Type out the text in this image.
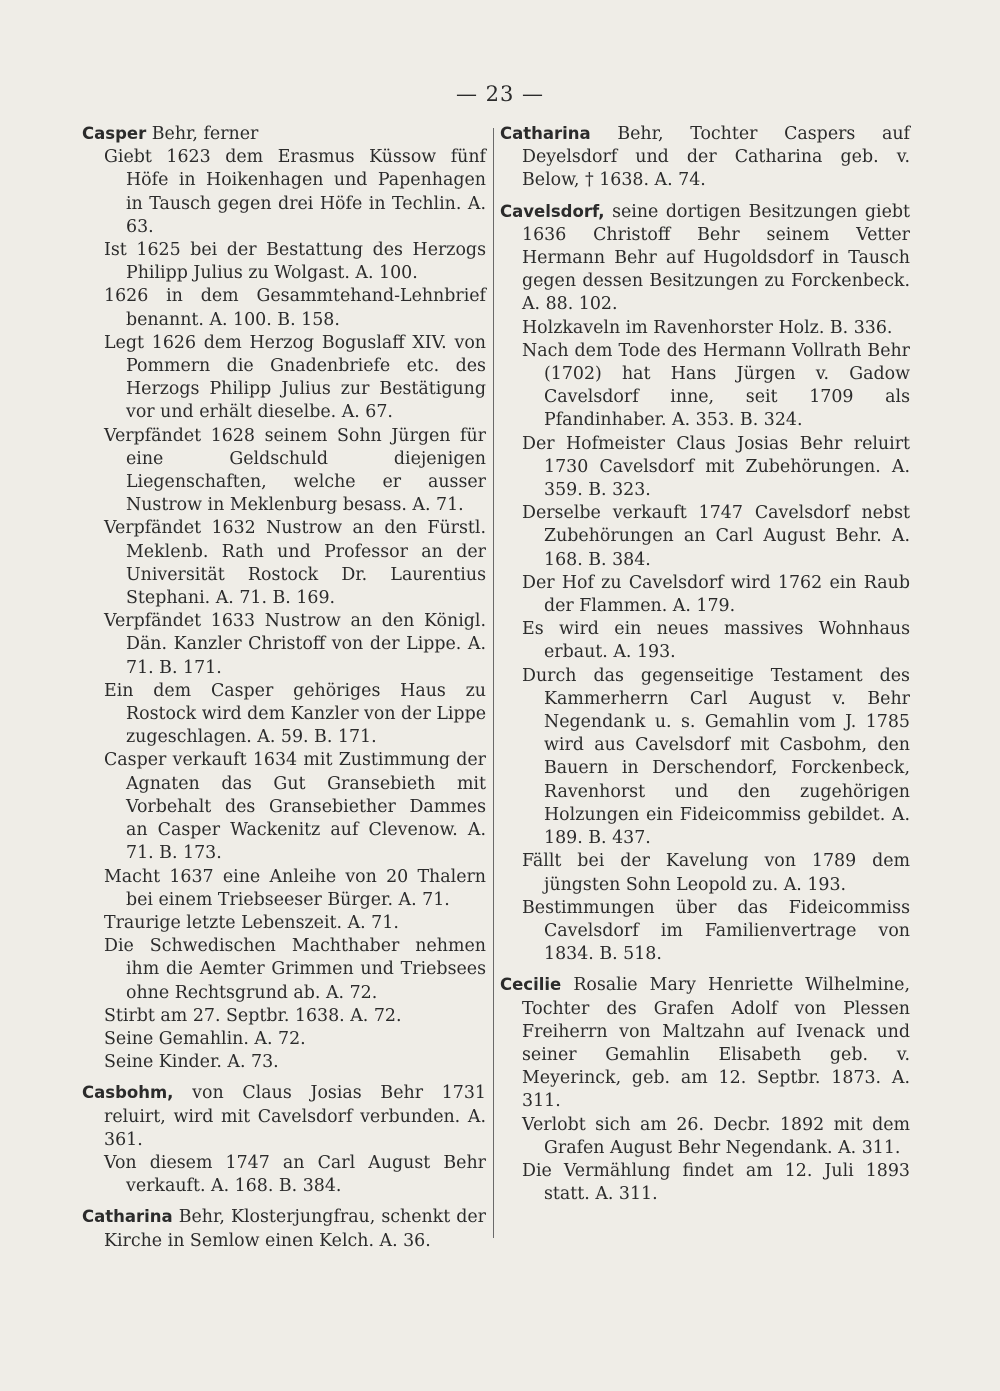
— 23 —
Casper Behr, ferner
Giebt 1623 dem Erasmus Küssow fünf Höfe in Hoikenhagen und Papenhagen in Tausch gegen drei Höfe in Techlin. A. 63.
Ist 1625 bei der Bestattung des Herzogs Philipp Julius zu Wolgast. A. 100.
1626 in dem Gesammtehand-Lehnbrief benannt. A. 100. B. 158.
Legt 1626 dem Herzog Boguslaff XIV. von Pommern die Gnadenbriefe etc. des Herzogs Philipp Julius zur Bestätigung vor und erhält dieselbe. A. 67.
Verpfändet 1628 seinem Sohn Jürgen für eine Geldschuld diejenigen Liegenschaften, welche er ausser Nustrow in Meklenburg besass. A. 71.
Verpfändet 1632 Nustrow an den Fürstl. Meklenb. Rath und Professor an der Universität Rostock Dr. Laurentius Stephani. A. 71. B. 169.
Verpfändet 1633 Nustrow an den Königl. Dän. Kanzler Christoff von der Lippe. A. 71. B. 171.
Ein dem Casper gehöriges Haus zu Rostock wird dem Kanzler von der Lippe zugeschlagen. A. 59. B. 171.
Casper verkauft 1634 mit Zustimmung der Agnaten das Gut Gransebieth mit Vorbehalt des Gransebiether Dammes an Casper Wackenitz auf Clevenow. A. 71. B. 173.
Macht 1637 eine Anleihe von 20 Thalern bei einem Triebseeser Bürger. A. 71.
Traurige letzte Lebenszeit. A. 71.
Die Schwedischen Machthaber nehmen ihm die Aemter Grimmen und Triebsees ohne Rechtsgrund ab. A. 72.
Stirbt am 27. Septbr. 1638. A. 72.
Seine Gemahlin. A. 72.
Seine Kinder. A. 73.
Casbohm, von Claus Josias Behr 1731 reluirt, wird mit Cavelsdorf verbunden. A. 361.
Von diesem 1747 an Carl August Behr verkauft. A. 168. B. 384.
Catharina Behr, Klosterjungfrau, schenkt der Kirche in Semlow einen Kelch. A. 36.
Catharina Behr, Tochter Caspers auf Deyelsdorf und der Catharina geb. v. Below, † 1638. A. 74.
Cavelsdorf, seine dortigen Besitzungen giebt 1636 Christoff Behr seinem Vetter Hermann Behr auf Hugoldsdorf in Tausch gegen dessen Besitzungen zu Forckenbeck. A. 88. 102.
Holzkaveln im Ravenhorster Holz. B. 336.
Nach dem Tode des Hermann Vollrath Behr (1702) hat Hans Jürgen v. Gadow Cavelsdorf inne, seit 1709 als Pfandinhaber. A. 353. B. 324.
Der Hofmeister Claus Josias Behr reluirt 1730 Cavelsdorf mit Zubehörungen. A. 359. B. 323.
Derselbe verkauft 1747 Cavelsdorf nebst Zubehörungen an Carl August Behr. A. 168. B. 384.
Der Hof zu Cavelsdorf wird 1762 ein Raub der Flammen. A. 179.
Es wird ein neues massives Wohnhaus erbaut. A. 193.
Durch das gegenseitige Testament des Kammerherrn Carl August v. Behr Negendank u. s. Gemahlin vom J. 1785 wird aus Cavelsdorf mit Casbohm, den Bauern in Derschendorf, Forckenbeck, Ravenhorst und den zugehörigen Holzungen ein Fideicommiss gebildet. A. 189. B. 437.
Fällt bei der Kavelung von 1789 dem jüngsten Sohn Leopold zu. A. 193.
Bestimmungen über das Fideicommiss Cavelsdorf im Familienvertrage von 1834. B. 518.
Cecilie Rosalie Mary Henriette Wilhelmine, Tochter des Grafen Adolf von Plessen Freiherrn von Maltzahn auf Ivenack und seiner Gemahlin Elisabeth geb. v. Meyerinck, geb. am 12. Septbr. 1873. A. 311.
Verlobt sich am 26. Decbr. 1892 mit dem Grafen August Behr Negendank. A. 311.
Die Vermählung findet am 12. Juli 1893 statt. A. 311.
